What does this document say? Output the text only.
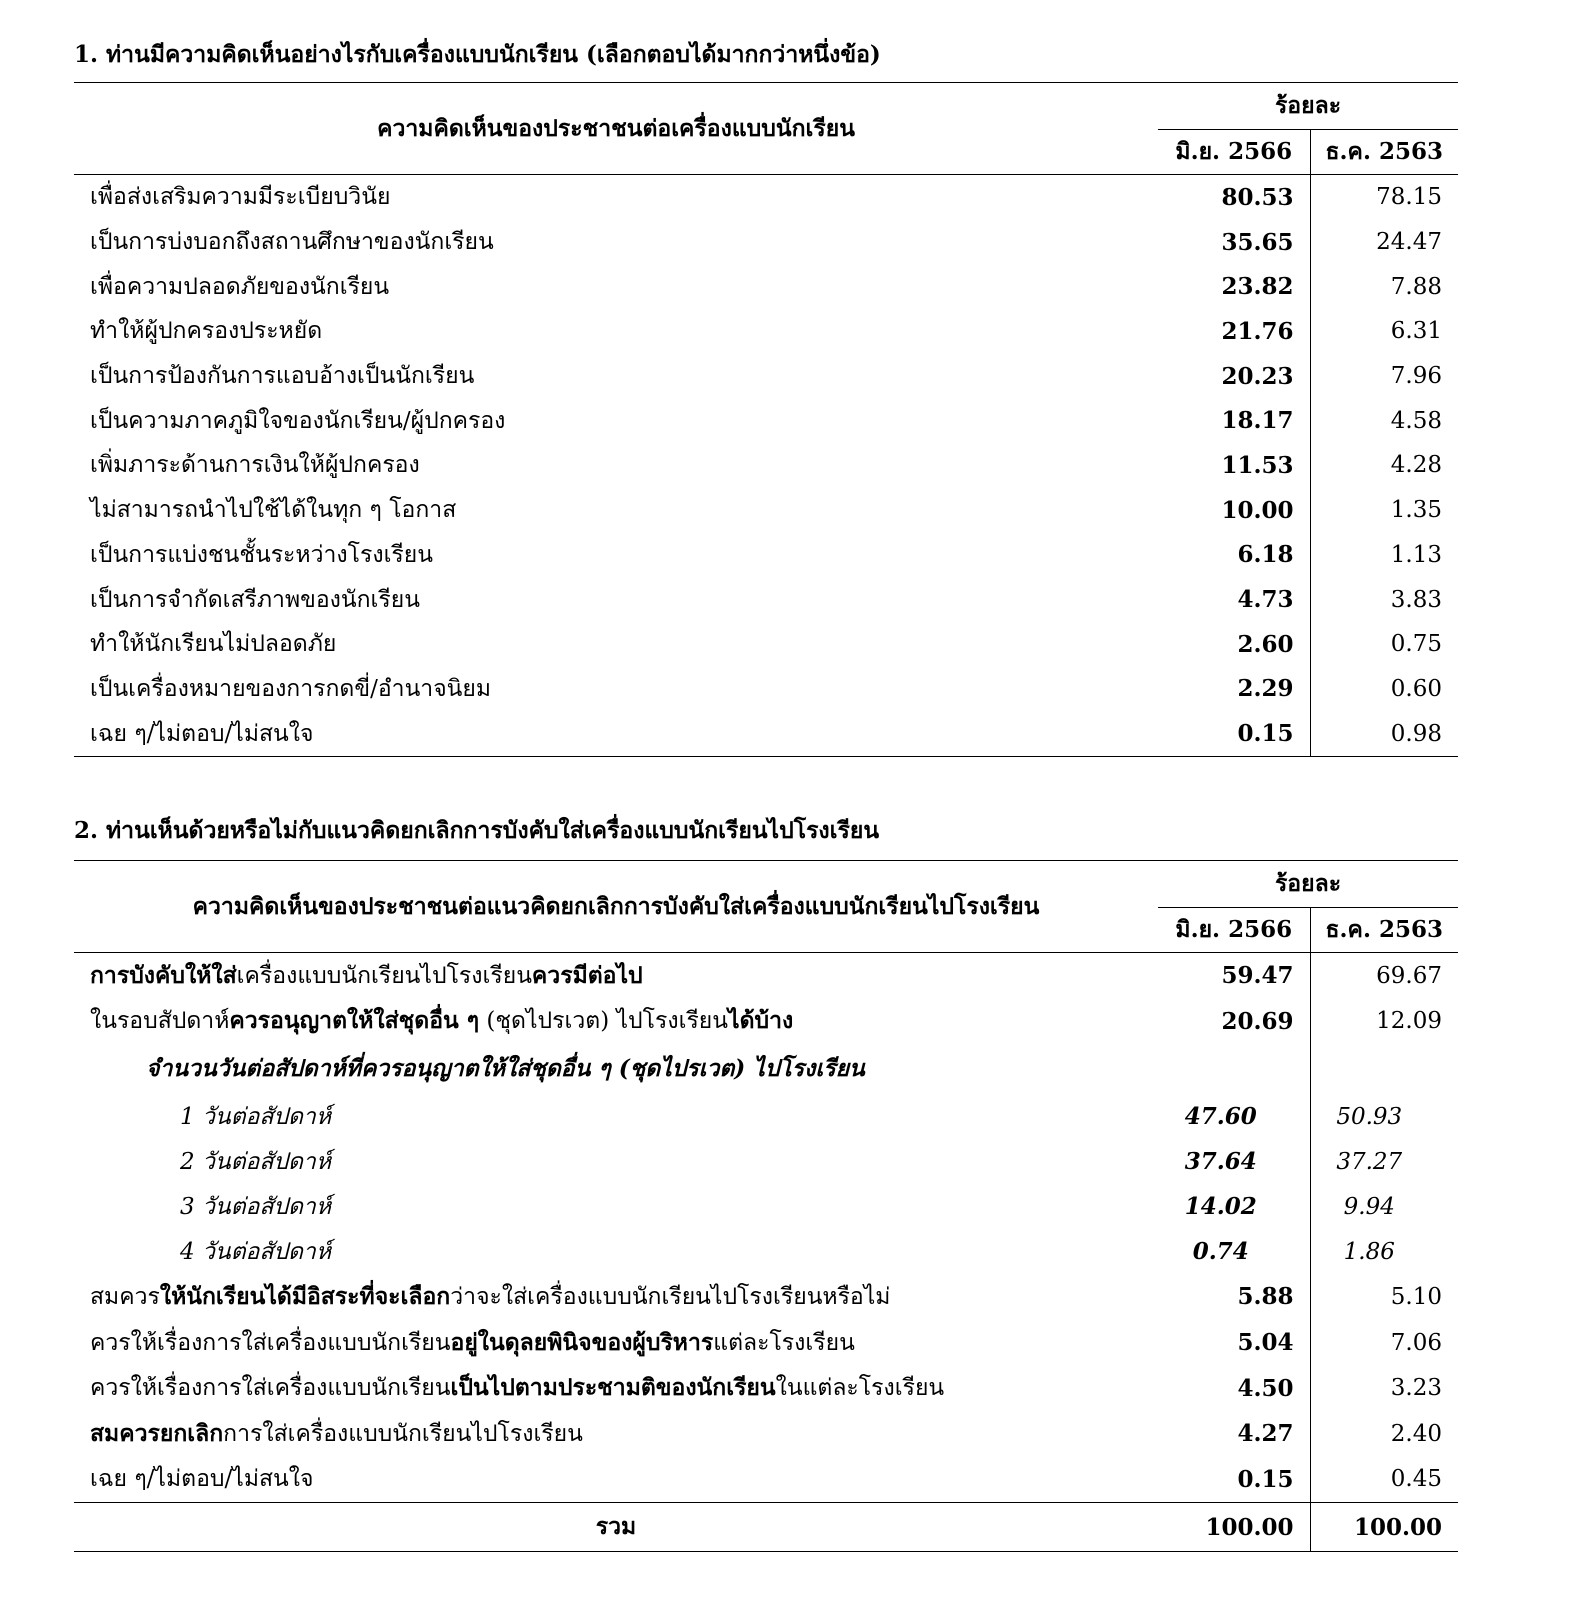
1. ท่านมีความคิดเห็นอย่างไรกับเครื่องแบบนักเรียน (เลือกตอบได้มากกว่าหนึ่งข้อ)
ความคิดเห็นของประชาชนต่อเครื่องแบบนักเรียน	ร้อยละ	
	มิ.ย. 2566	ธ.ค. 2563
เพื่อส่งเสริมความมีระเบียบวินัย	80.53	78.15
เป็นการบ่งบอกถึงสถานศึกษาของนักเรียน	35.65	24.47
เพื่อความปลอดภัยของนักเรียน	23.82	7.88
ทำให้ผู้ปกครองประหยัด	21.76	6.31
เป็นการป้องกันการแอบอ้างเป็นนักเรียน	20.23	7.96
เป็นความภาคภูมิใจของนักเรียน/ผู้ปกครอง	18.17	4.58
เพิ่มภาระด้านการเงินให้ผู้ปกครอง	11.53	4.28
ไม่สามารถนำไปใช้ได้ในทุก ๆ โอกาส	10.00	1.35
เป็นการแบ่งชนชั้นระหว่างโรงเรียน	6.18	1.13
เป็นการจำกัดเสรีภาพของนักเรียน	4.73	3.83
ทำให้นักเรียนไม่ปลอดภัย	2.60	0.75
เป็นเครื่องหมายของการกดขี่/อำนาจนิยม	2.29	0.60
เฉย ๆ/ไม่ตอบ/ไม่สนใจ	0.15	0.98
2. ท่านเห็นด้วยหรือไม่กับแนวคิดยกเลิกการบังคับใส่เครื่องแบบนักเรียนไปโรงเรียน
ความคิดเห็นของประชาชนต่อแนวคิดยกเลิกการบังคับใส่เครื่องแบบนักเรียนไปโรงเรียน	ร้อยละ	
	มิ.ย. 2566	ธ.ค. 2563
การบังคับให้ใส่เครื่องแบบนักเรียนไปโรงเรียนควรมีต่อไป	59.47	69.67
ในรอบสัปดาห์ควรอนุญาตให้ใส่ชุดอื่น ๆ (ชุดไปรเวต) ไปโรงเรียนได้บ้าง	20.69	12.09
จำนวนวันต่อสัปดาห์ที่ควรอนุญาตให้ใส่ชุดอื่น ๆ (ชุดไปรเวต) ไปโรงเรียน		
1 วันต่อสัปดาห์	47.60	50.93
2 วันต่อสัปดาห์	37.64	37.27
3 วันต่อสัปดาห์	14.02	9.94
4 วันต่อสัปดาห์	0.74	1.86
สมควรให้นักเรียนได้มีอิสระที่จะเลือกว่าจะใส่เครื่องแบบนักเรียนไปโรงเรียนหรือไม่	5.88	5.10
ควรให้เรื่องการใส่เครื่องแบบนักเรียนอยู่ในดุลยพินิจของผู้บริหารแต่ละโรงเรียน	5.04	7.06
ควรให้เรื่องการใส่เครื่องแบบนักเรียนเป็นไปตามประชามติของนักเรียนในแต่ละโรงเรียน	4.50	3.23
สมควรยกเลิกการใส่เครื่องแบบนักเรียนไปโรงเรียน	4.27	2.40
เฉย ๆ/ไม่ตอบ/ไม่สนใจ	0.15	0.45
รวม	100.00	100.00
